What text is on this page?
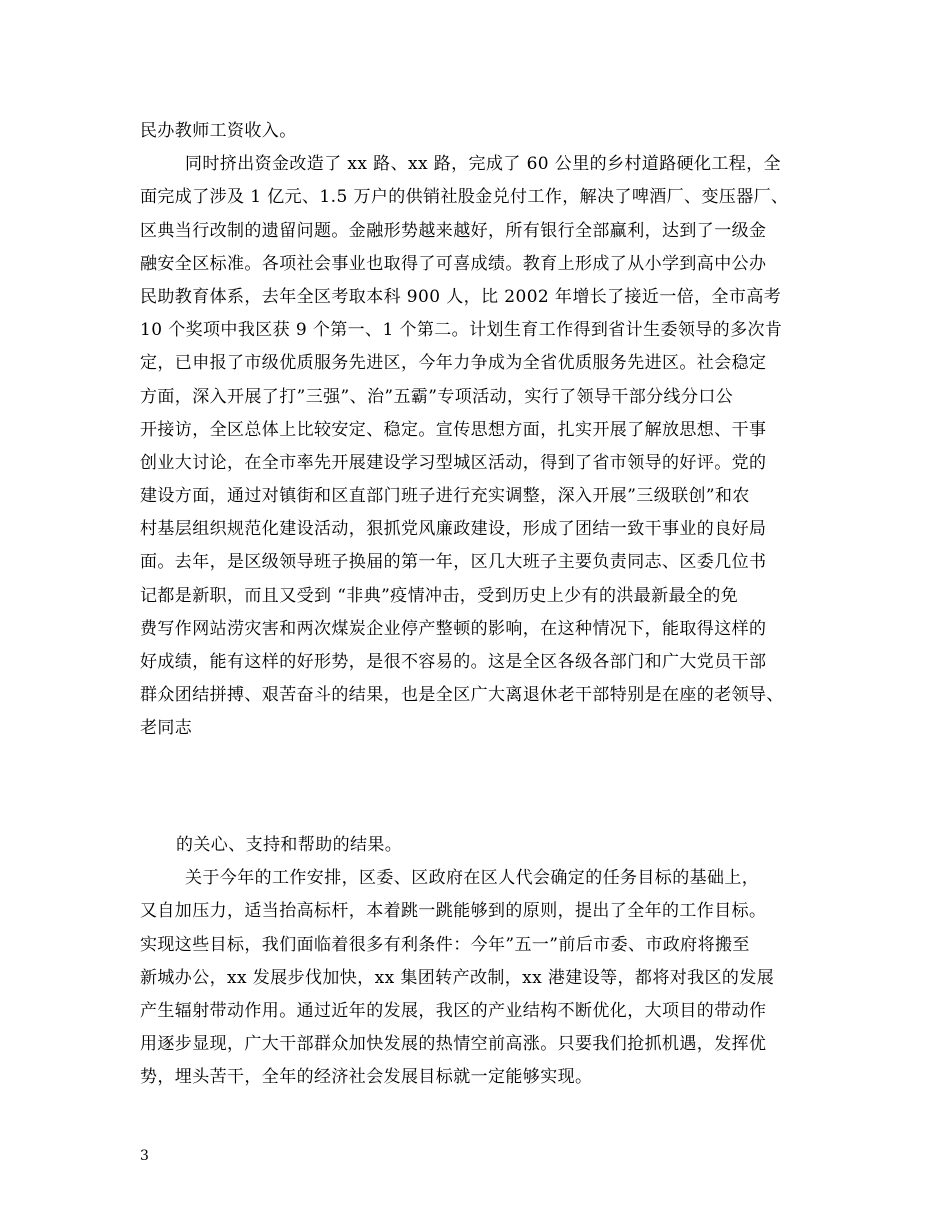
民办教师工资收入。
同时挤出资金改造了 xx 路、xx 路，完成了 60 公里的乡村道路硬化工程，全
面完成了涉及 1 亿元、1.5 万户的供销社股金兑付工作，解决了啤酒厂、变压器厂、
区典当行改制的遗留问题。金融形势越来越好，所有银行全部赢利，达到了一级金
融安全区标准。各项社会事业也取得了可喜成绩。教育上形成了从小学到高中公办
民助教育体系，去年全区考取本科 900 人，比 2002 年增长了接近一倍，全市高考
10 个奖项中我区获 9 个第一、1 个第二。计划生育工作得到省计生委领导的多次肯
定，已申报了市级优质服务先进区，今年力争成为全省优质服务先进区。社会稳定
方面，深入开展了打”三强”、治”五霸”专项活动，实行了领导干部分线分口公
开接访，全区总体上比较安定、稳定。宣传思想方面，扎实开展了解放思想、干事
创业大讨论，在全市率先开展建设学习型城区活动，得到了省市领导的好评。党的
建设方面，通过对镇街和区直部门班子进行充实调整，深入开展”三级联创”和农
村基层组织规范化建设活动，狠抓党风廉政建设，形成了团结一致干事业的良好局
面。去年，是区级领导班子换届的第一年，区几大班子主要负责同志、区委几位书
记都是新职，而且又受到 “非典”疫情冲击，受到历史上少有的洪最新最全的免
费写作网站涝灾害和两次煤炭企业停产整顿的影响，在这种情况下，能取得这样的
好成绩，能有这样的好形势，是很不容易的。这是全区各级各部门和广大党员干部
群众团结拼搏、艰苦奋斗的结果，也是全区广大离退休老干部特别是在座的老领导、
老同志
的关心、支持和帮助的结果。
关于今年的工作安排，区委、区政府在区人代会确定的任务目标的基础上，
又自加压力，适当抬高标杆，本着跳一跳能够到的原则，提出了全年的工作目标。
实现这些目标，我们面临着很多有利条件：今年”五一”前后市委、市政府将搬至
新城办公，xx 发展步伐加快，xx 集团转产改制，xx 港建设等，都将对我区的发展
产生辐射带动作用。通过近年的发展，我区的产业结构不断优化，大项目的带动作
用逐步显现，广大干部群众加快发展的热情空前高涨。只要我们抢抓机遇，发挥优
势，埋头苦干，全年的经济社会发展目标就一定能够实现。
3
